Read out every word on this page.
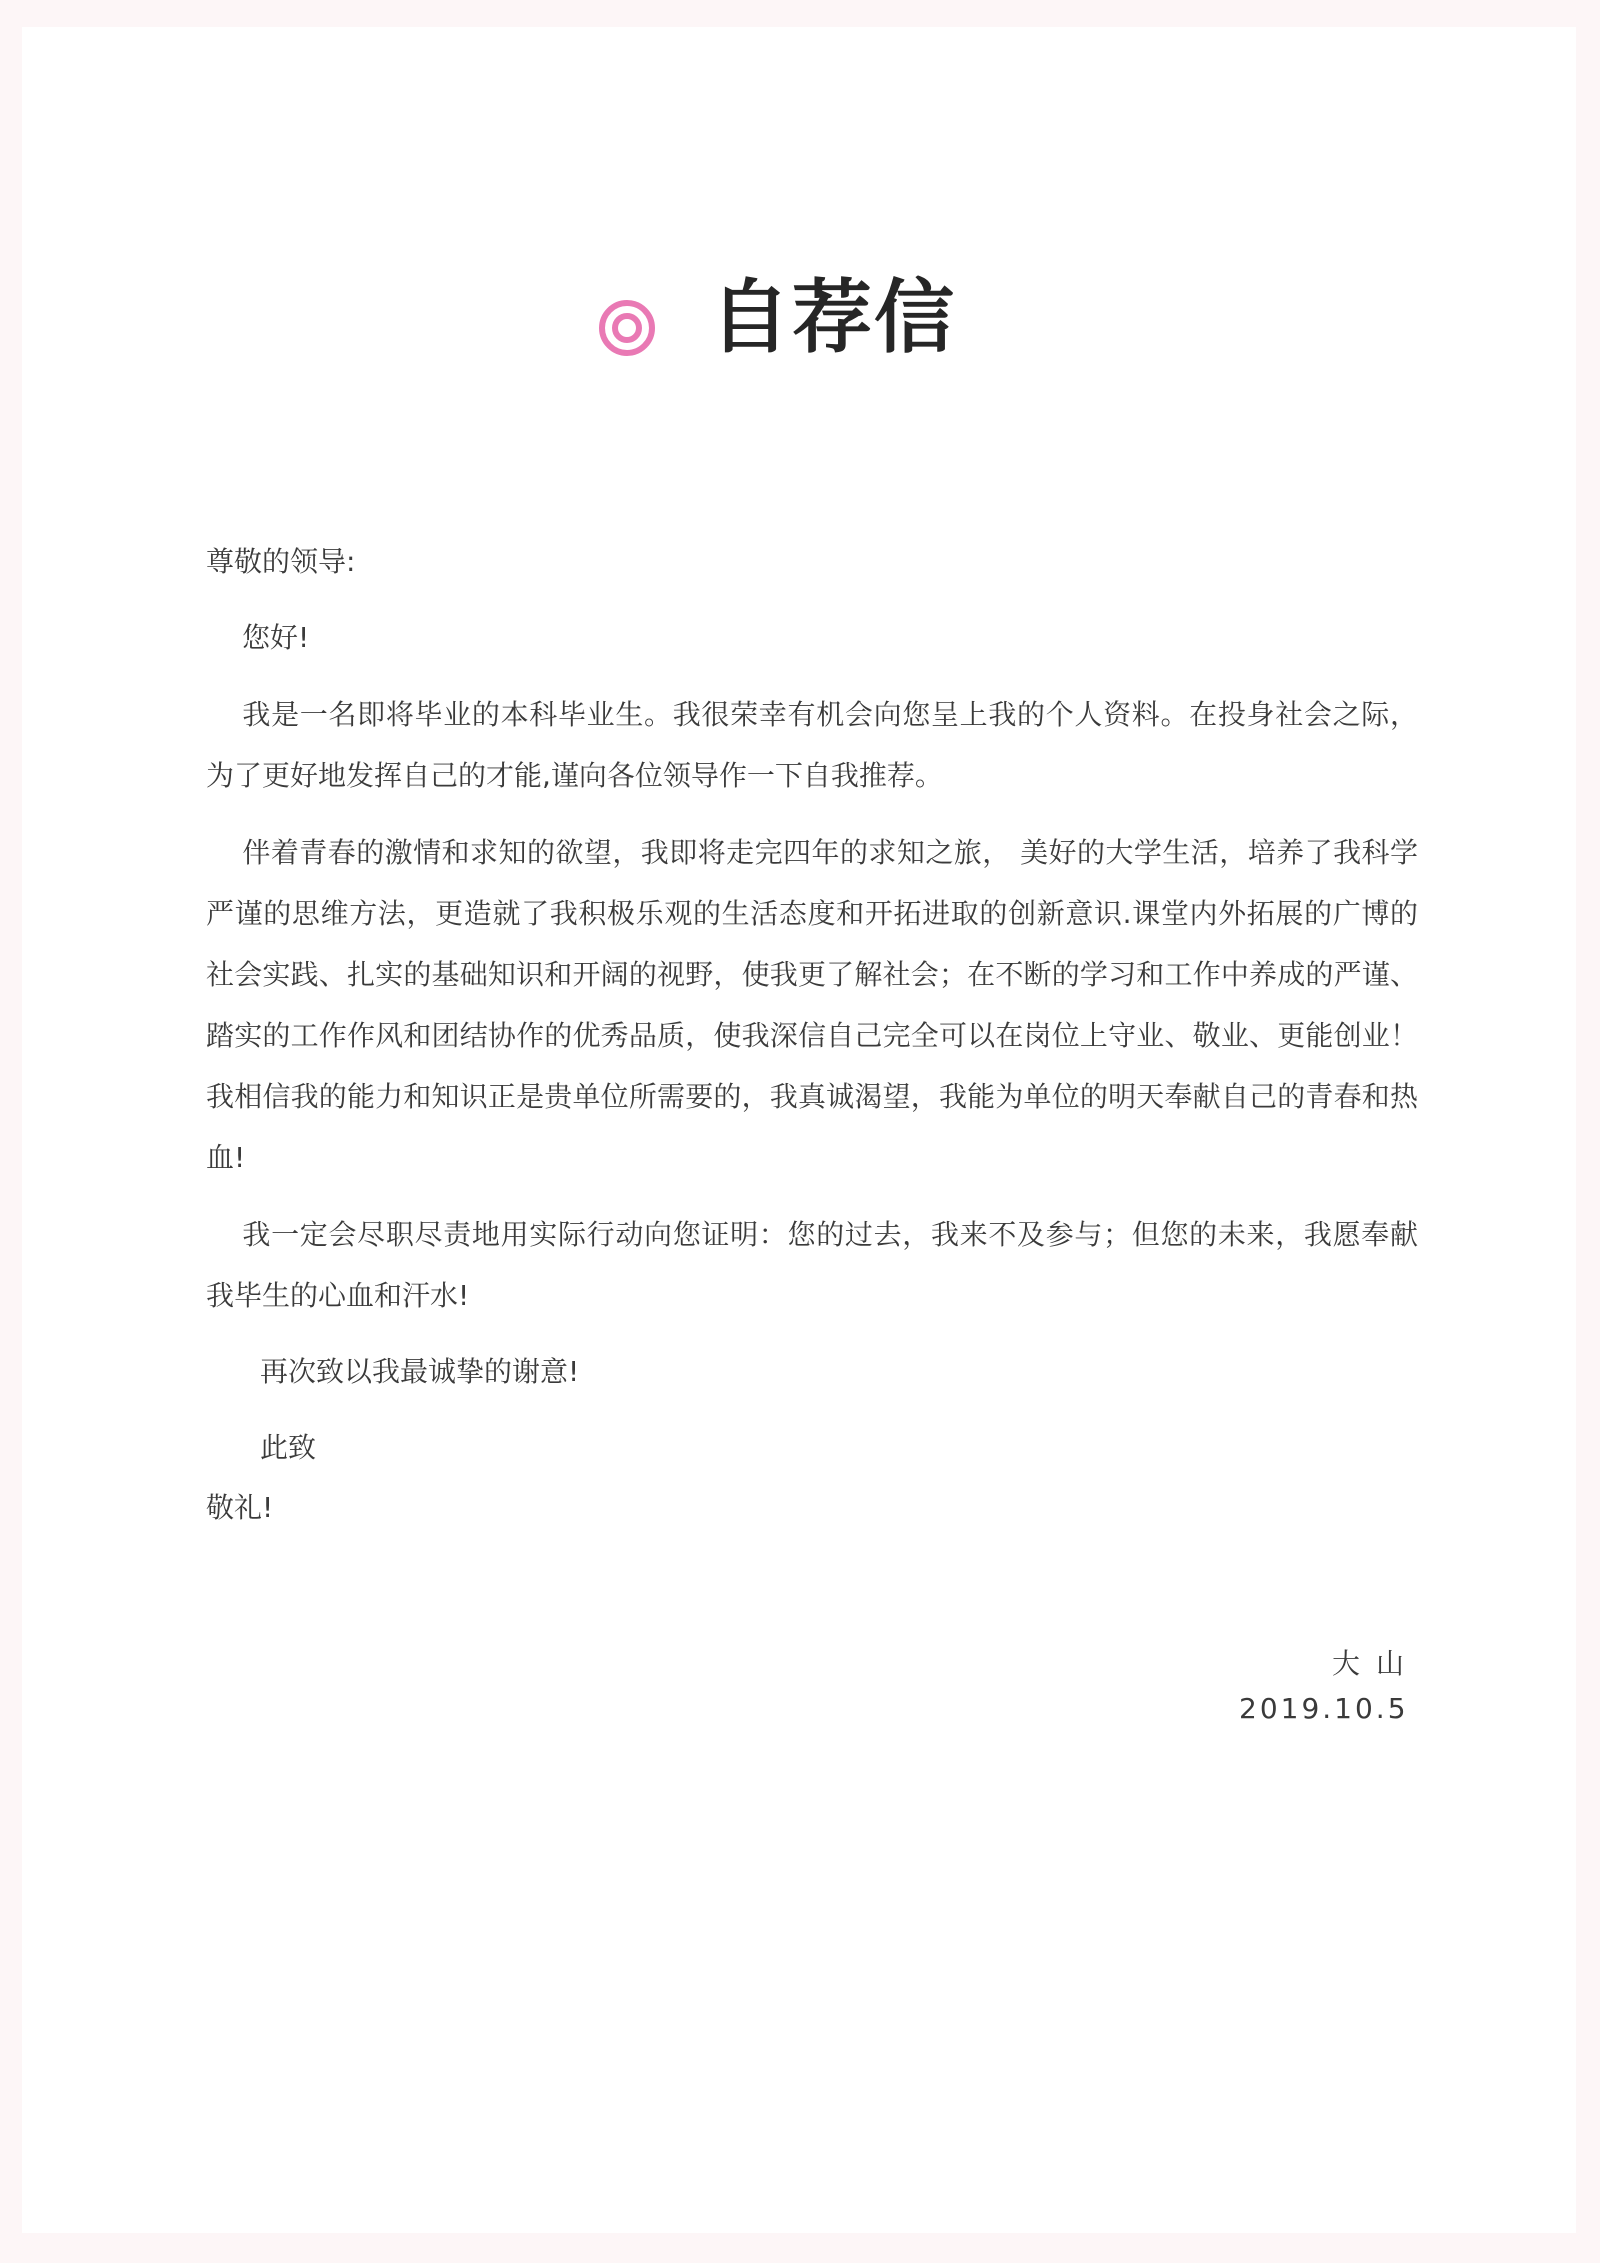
自荐信

尊敬的领导:

您好!

我是一名即将毕业的本科毕业生。我很荣幸有机会向您呈上我的个人资料。在投身社会之际，为了更好地发挥自己的才能,谨向各位领导作一下自我推荐。

伴着青春的激情和求知的欲望，我即将走完四年的求知之旅， 美好的大学生活，培养了我科学严谨的思维方法，更造就了我积极乐观的生活态度和开拓进取的创新意识.课堂内外拓展的广博的社会实践、扎实的基础知识和开阔的视野，使我更了解社会；在不断的学习和工作中养成的严谨、踏实的工作作风和团结协作的优秀品质，使我深信自己完全可以在岗位上守业、敬业、更能创业！我相信我的能力和知识正是贵单位所需要的，我真诚渴望，我能为单位的明天奉献自己的青春和热血!

我一定会尽职尽责地用实际行动向您证明：您的过去，我来不及参与；但您的未来，我愿奉献我毕生的心血和汗水!

再次致以我最诚挚的谢意!

此致

敬礼!

大山
2019.10.5
